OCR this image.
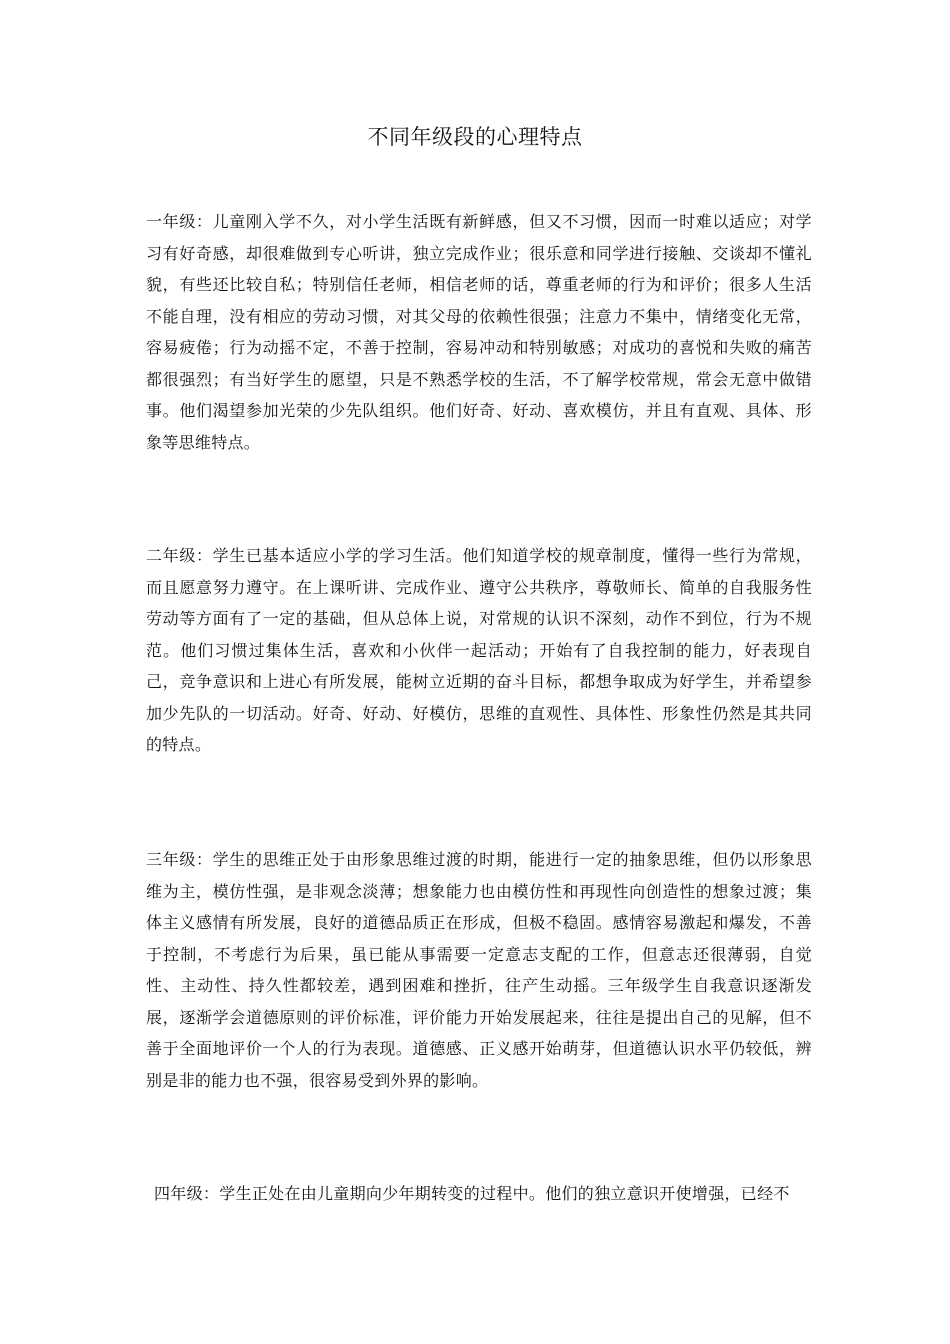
不同年级段的心理特点

一年级：儿童刚入学不久，对小学生活既有新鲜感，但又不习惯，因而一时难以适应；对学习有好奇感，却很难做到专心听讲，独立完成作业；很乐意和同学进行接触、交谈却不懂礼貌，有些还比较自私；特别信任老师，相信老师的话，尊重老师的行为和评价；很多人生活不能自理，没有相应的劳动习惯，对其父母的依赖性很强；注意力不集中，情绪变化无常，容易疲倦；行为动摇不定，不善于控制，容易冲动和特别敏感；对成功的喜悦和失败的痛苦都很强烈；有当好学生的愿望，只是不熟悉学校的生活，不了解学校常规，常会无意中做错事。他们渴望参加光荣的少先队组织。他们好奇、好动、喜欢模仿，并且有直观、具体、形象等思维特点。

二年级：学生已基本适应小学的学习生活。他们知道学校的规章制度，懂得一些行为常规，而且愿意努力遵守。在上课听讲、完成作业、遵守公共秩序，尊敬师长、简单的自我服务性劳动等方面有了一定的基础，但从总体上说，对常规的认识不深刻，动作不到位，行为不规范。他们习惯过集体生活，喜欢和小伙伴一起活动；开始有了自我控制的能力，好表现自己，竞争意识和上进心有所发展，能树立近期的奋斗目标，都想争取成为好学生，并希望参加少先队的一切活动。好奇、好动、好模仿，思维的直观性、具体性、形象性仍然是其共同的特点。

三年级：学生的思维正处于由形象思维过渡的时期，能进行一定的抽象思维，但仍以形象思维为主，模仿性强，是非观念淡薄；想象能力也由模仿性和再现性向创造性的想象过渡；集体主义感情有所发展，良好的道德品质正在形成，但极不稳固。感情容易激起和爆发，不善于控制，不考虑行为后果，虽已能从事需要一定意志支配的工作，但意志还很薄弱，自觉性、主动性、持久性都较差，遇到困难和挫折，往产生动摇。三年级学生自我意识逐渐发展，逐渐学会道德原则的评价标准，评价能力开始发展起来，往往是提出自己的见解，但不善于全面地评价一个人的行为表现。道德感、正义感开始萌芽，但道德认识水平仍较低，辨别是非的能力也不强，很容易受到外界的影响。

四年级：学生正处在由儿童期向少年期转变的过程中。他们的独立意识开使增强，已经不
